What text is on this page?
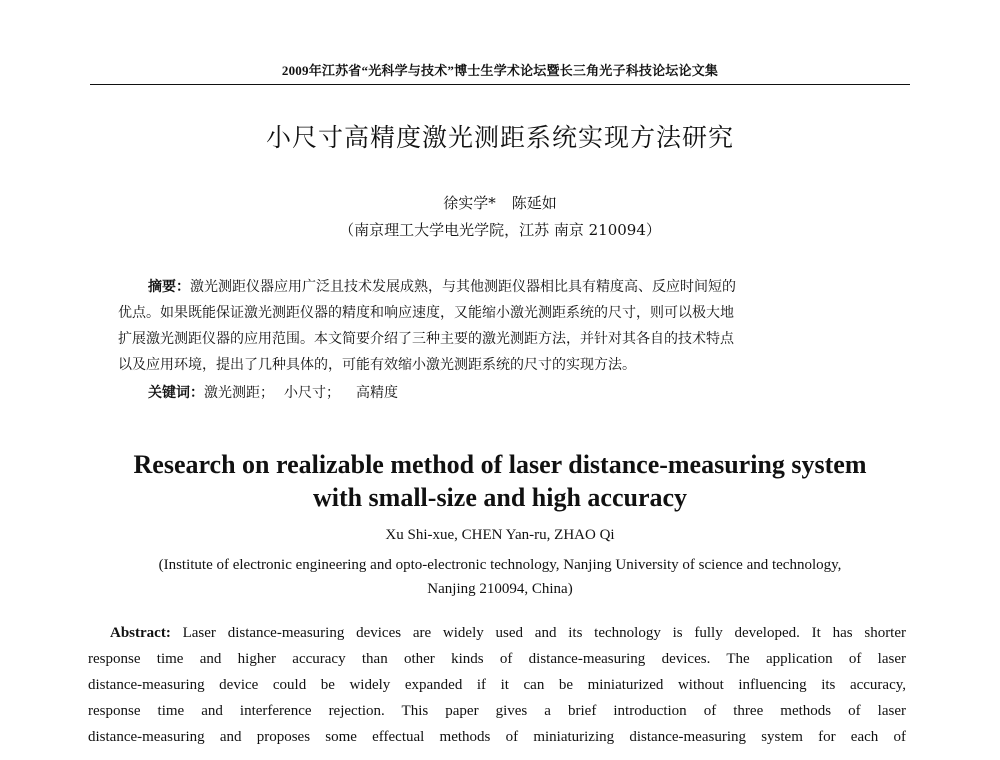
2009年江苏省“光科学与技术”博士生学术论坛暨长三角光子科技论坛论文集
小尺寸高精度激光测距系统实现方法研究
徐实学* 陈延如
（南京理工大学电光学院，江苏 南京 210094）
摘要：激光测距仪器应用广泛且技术发展成熟，与其他测距仪器相比具有精度高、反应时间短的
优点。如果既能保证激光测距仪器的精度和响应速度，又能缩小激光测距系统的尺寸，则可以极大地
扩展激光测距仪器的应用范围。本文简要介绍了三种主要的激光测距方法，并针对其各自的技术特点
以及应用环境，提出了几种具体的，可能有效缩小激光测距系统的尺寸的实现方法。
关键词：激光测距； 小尺寸； 高精度
Research on realizable method of laser distance-measuring system
with small-size and high accuracy
Xu Shi-xue, CHEN Yan-ru, ZHAO Qi
(Institute of electronic engineering and opto-electronic technology, Nanjing University of science and technology,
Nanjing 210094, China)
Abstract: Laser distance-measuring devices are widely used and its technology is fully developed. It has shorter
response time and higher accuracy than other kinds of distance-measuring devices. The application of laser
distance-measuring device could be widely expanded if it can be miniaturized without influencing its accuracy,
response time and interference rejection. This paper gives a brief introduction of three methods of laser
distance-measuring and proposes some effectual methods of miniaturizing distance-measuring system for each of
